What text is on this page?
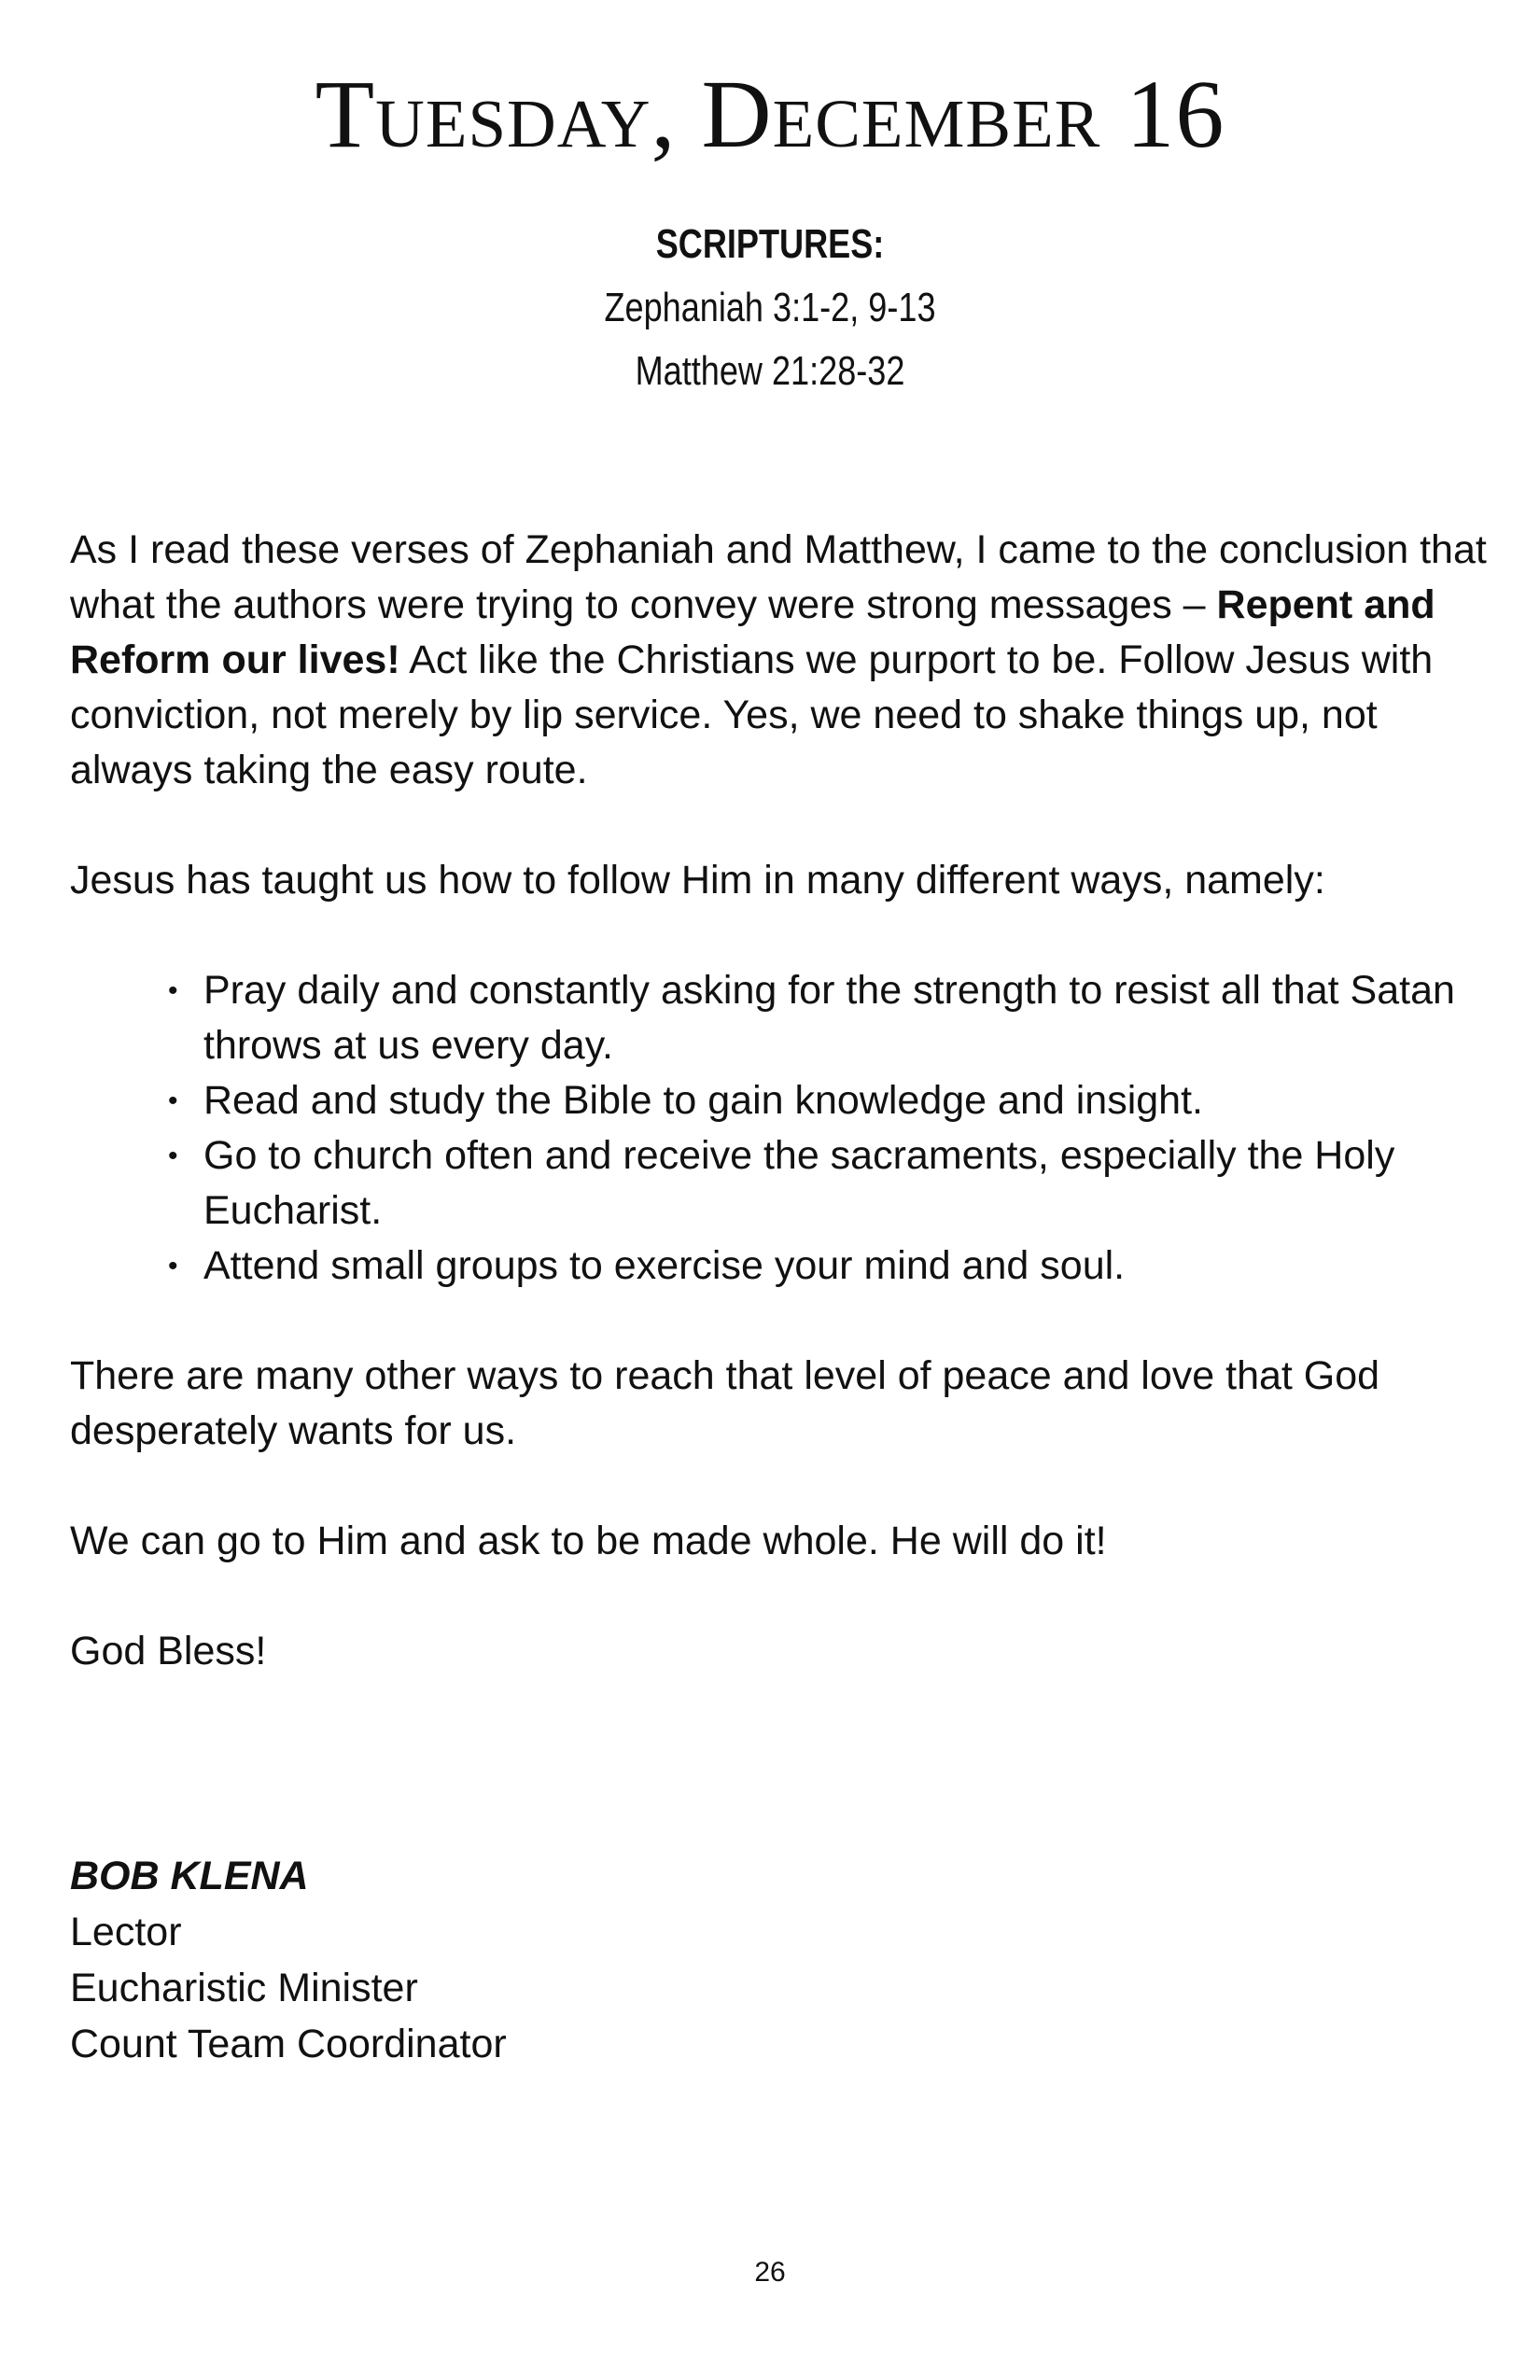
Tuesday, December 16
SCRIPTURES:
Zephaniah 3:1-2, 9-13
Matthew 21:28-32

As I read these verses of Zephaniah and Matthew, I came to the conclusion that what the authors were trying to convey were strong messages – Repent and Reform our lives! Act like the Christians we purport to be. Follow Jesus with conviction, not merely by lip service. Yes, we need to shake things up, not always taking the easy route.

Jesus has taught us how to follow Him in many different ways, namely:

• Pray daily and constantly asking for the strength to resist all that Satan throws at us every day.
• Read and study the Bible to gain knowledge and insight.
• Go to church often and receive the sacraments, especially the Holy Eucharist.
• Attend small groups to exercise your mind and soul.

There are many other ways to reach that level of peace and love that God desperately wants for us.

We can go to Him and ask to be made whole. He will do it!

God Bless!

BOB KLENA
Lector
Eucharistic Minister
Count Team Coordinator
26
